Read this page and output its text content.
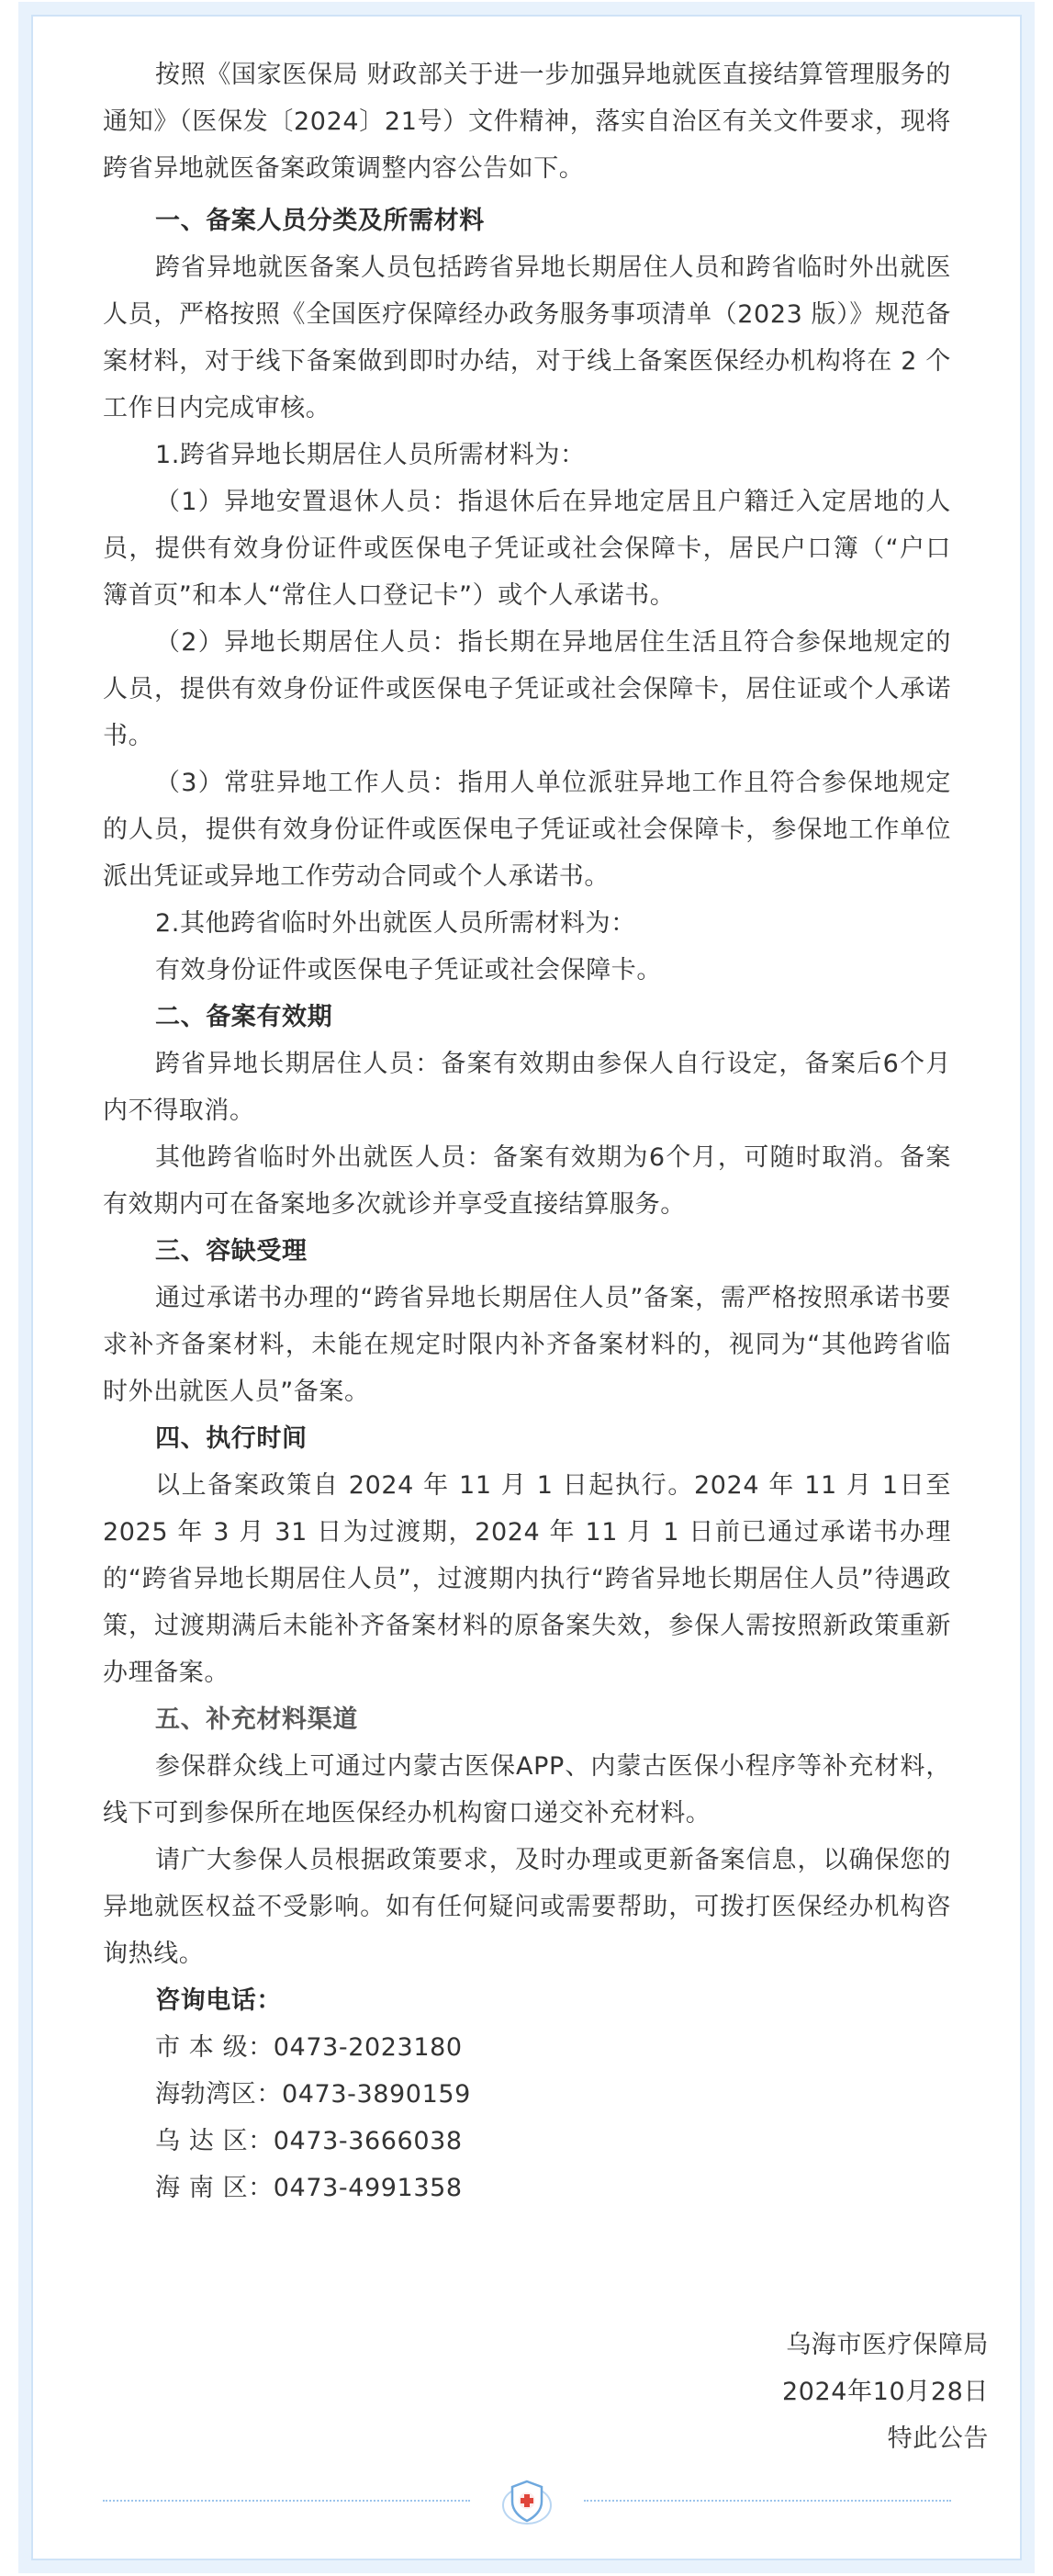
按照《国家医保局 财政部关于进一步加强异地就医直接结算管理服务的通知》（医保发〔2024〕21号）文件精神，落实自治区有关文件要求，现将跨省异地就医备案政策调整内容公告如下。

一、备案人员分类及所需材料

跨省异地就医备案人员包括跨省异地长期居住人员和跨省临时外出就医人员，严格按照《全国医疗保障经办政务服务事项清单（2023 版）》规范备案材料，对于线下备案做到即时办结，对于线上备案医保经办机构将在 2 个工作日内完成审核。

1.跨省异地长期居住人员所需材料为：

（1）异地安置退休人员：指退休后在异地定居且户籍迁入定居地的人员，提供有效身份证件或医保电子凭证或社会保障卡，居民户口簿（“户口簿首页”和本人“常住人口登记卡”）或个人承诺书。

（2）异地长期居住人员：指长期在异地居住生活且符合参保地规定的人员，提供有效身份证件或医保电子凭证或社会保障卡，居住证或个人承诺书。

（3）常驻异地工作人员：指用人单位派驻异地工作且符合参保地规定的人员，提供有效身份证件或医保电子凭证或社会保障卡，参保地工作单位派出凭证或异地工作劳动合同或个人承诺书。

2.其他跨省临时外出就医人员所需材料为：

有效身份证件或医保电子凭证或社会保障卡。

二、备案有效期

跨省异地长期居住人员：备案有效期由参保人自行设定，备案后6个月内不得取消。

其他跨省临时外出就医人员：备案有效期为6个月，可随时取消。备案有效期内可在备案地多次就诊并享受直接结算服务。

三、容缺受理

通过承诺书办理的“跨省异地长期居住人员”备案，需严格按照承诺书要求补齐备案材料，未能在规定时限内补齐备案材料的，视同为“其他跨省临时外出就医人员”备案。

四、执行时间

以上备案政策自 2024 年 11 月 1 日起执行。2024 年 11 月 1日至 2025 年 3 月 31 日为过渡期，2024 年 11 月 1 日前已通过承诺书办理的“跨省异地长期居住人员”，过渡期内执行“跨省异地长期居住人员”待遇政策，过渡期满后未能补齐备案材料的原备案失效，参保人需按照新政策重新办理备案。

五、补充材料渠道

参保群众线上可通过内蒙古医保APP、内蒙古医保小程序等补充材料，线下可到参保所在地医保经办机构窗口递交补充材料。

请广大参保人员根据政策要求，及时办理或更新备案信息，以确保您的异地就医权益不受影响。如有任何疑问或需要帮助，可拨打医保经办机构咨询热线。

咨询电话：

市 本 级：0473-2023180

海勃湾区：0473-3890159

乌 达 区：0473-3666038

海 南 区：0473-4991358

乌海市医疗保障局
2024年10月28日
特此公告
